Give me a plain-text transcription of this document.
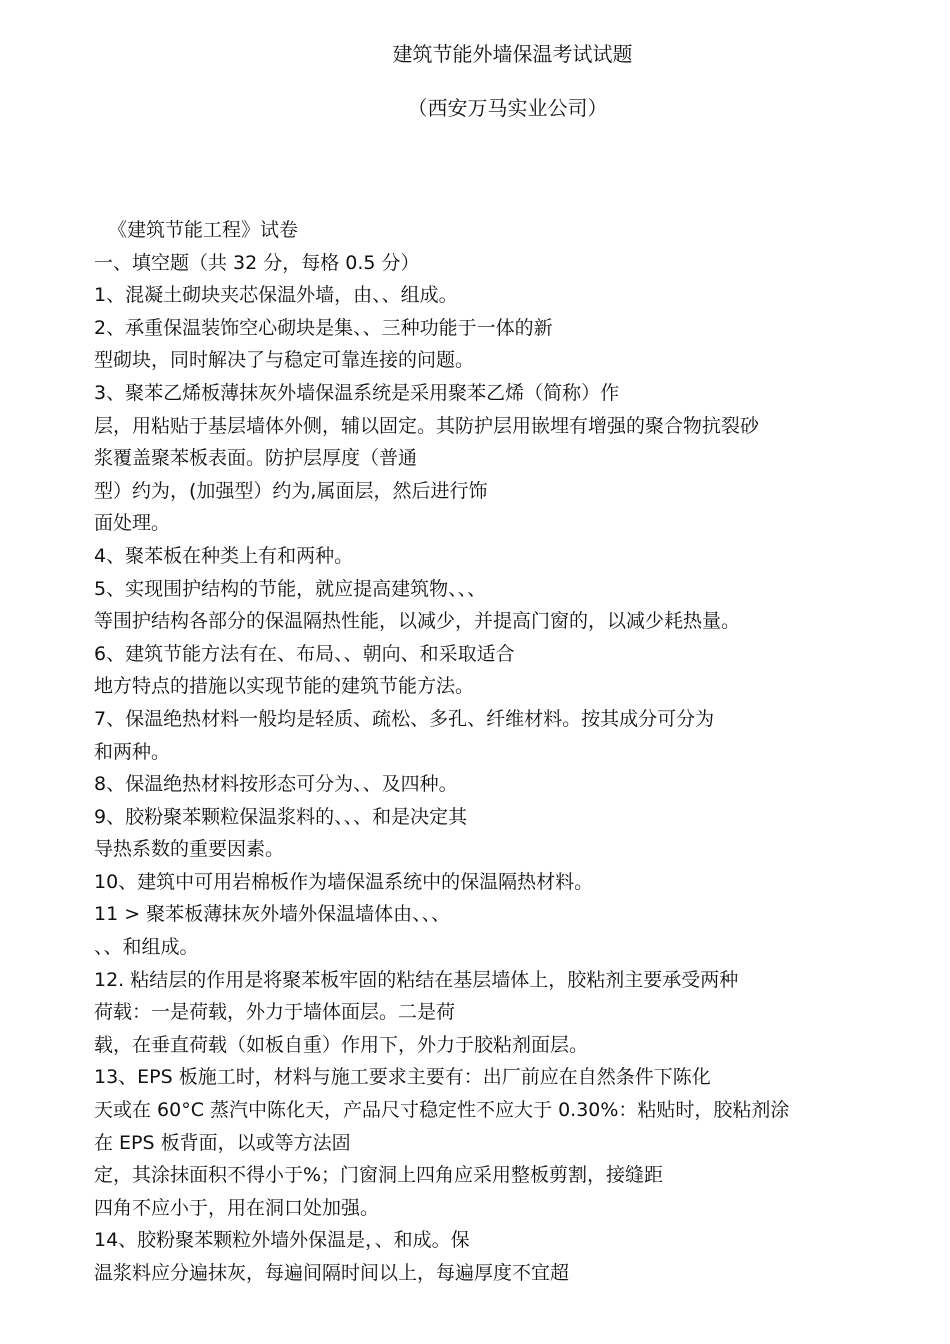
建筑节能外墙保温考试试题
（西安万马实业公司）
《建筑节能工程》试卷
一、填空题（共 32 分，每格 0.5 分）
1、混凝土砌块夹芯保温外墙，由、、组成。
2、承重保温装饰空心砌块是集、、三种功能于一体的新
型砌块，同时解决了与稳定可靠连接的问题。
3、聚苯乙烯板薄抹灰外墙保温系统是采用聚苯乙烯（简称）作
层，用粘贴于基层墙体外侧，辅以固定。其防护层用嵌埋有增强的聚合物抗裂砂
浆覆盖聚苯板表面。防护层厚度（普通
型）约为，(加强型）约为,属面层，然后进行饰
面处理。
4、聚苯板在种类上有和两种。
5、实现围护结构的节能，就应提高建筑物、、、
等围护结构各部分的保温隔热性能，以减少，并提高门窗的，以减少耗热量。
6、建筑节能方法有在、布局、、朝向、和采取适合
地方特点的措施以实现节能的建筑节能方法。
7、保温绝热材料一般均是轻质、疏松、多孔、纤维材料。按其成分可分为
和两种。
8、保温绝热材料按形态可分为、、及四种。
9、胶粉聚苯颗粒保温浆料的、、、和是决定其
导热系数的重要因素。
10、建筑中可用岩棉板作为墙保温系统中的保温隔热材料。
11 > 聚苯板薄抹灰外墙外保温墙体由、、、
、、和组成。
12. 粘结层的作用是将聚苯板牢固的粘结在基层墙体上，胶粘剂主要承受两种
荷载：一是荷载，外力于墙体面层。二是荷
载，在垂直荷载（如板自重）作用下，外力于胶粘剂面层。
13、EPS 板施工时，材料与施工要求主要有：出厂前应在自然条件下陈化
天或在 60°C 蒸汽中陈化天，产品尺寸稳定性不应大于 0.30%：粘贴时，胶粘剂涂
在 EPS 板背面，以或等方法固
定，其涂抹面积不得小于%；门窗洞上四角应采用整板剪割，接缝距
四角不应小于，用在洞口处加强。
14、胶粉聚苯颗粒外墙外保温是，、和成。保
温浆料应分遍抹灰，每遍间隔时间以上，每遍厚度不宜超
